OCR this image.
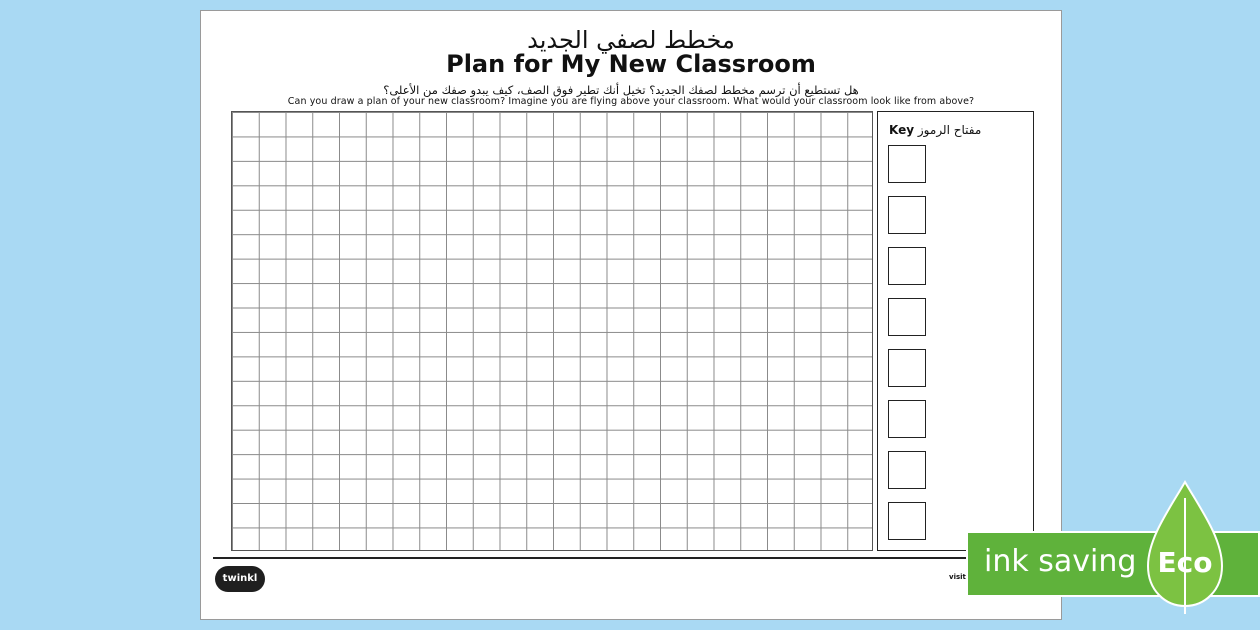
مخطط لصفي الجديد
Plan for My New Classroom
هل تستطيع أن ترسم مخطط لصفك الجديد؟ تخيل أنك تطير فوق الصف، كيف يبدو صفك من الأعلى؟
Can you draw a plan of your new classroom? Imagine you are flying above your classroom. What would your classroom look like from above?
Key مفتاح الرموز
twinkl	visit ink saving Eco
